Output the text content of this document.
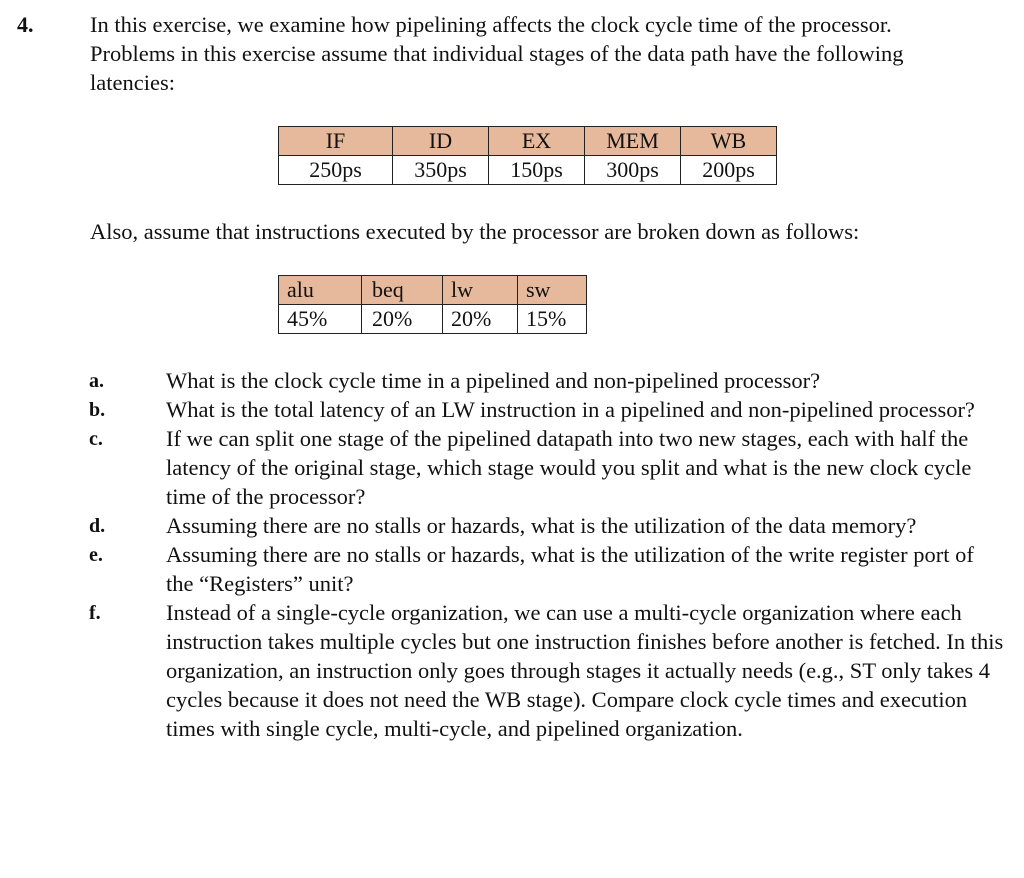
4.	In this exercise, we examine how pipelining affects the clock cycle time of the processor. Problems in this exercise assume that individual stages of the data path have the following latencies:

IF	ID	EX	MEM	WB
250ps	350ps	150ps	300ps	200ps

Also, assume that instructions executed by the processor are broken down as follows:

alu	beq	lw	sw
45%	20%	20%	15%
a.	What is the clock cycle time in a pipelined and non-pipelined processor?
b.	What is the total latency of an LW instruction in a pipelined and non-pipelined processor?
c.	If we can split one stage of the pipelined datapath into two new stages, each with half the latency of the original stage, which stage would you split and what is the new clock cycle time of the processor?
d.	Assuming there are no stalls or hazards, what is the utilization of the data memory?
e.	Assuming there are no stalls or hazards, what is the utilization of the write register port of the “Registers” unit?
f.	Instead of a single-cycle organization, we can use a multi-cycle organization where each instruction takes multiple cycles but one instruction finishes before another is fetched. In this organization, an instruction only goes through stages it actually needs (e.g., ST only takes 4 cycles because it does not need the WB stage). Compare clock cycle times and execution times with single cycle, multi-cycle, and pipelined organization.
